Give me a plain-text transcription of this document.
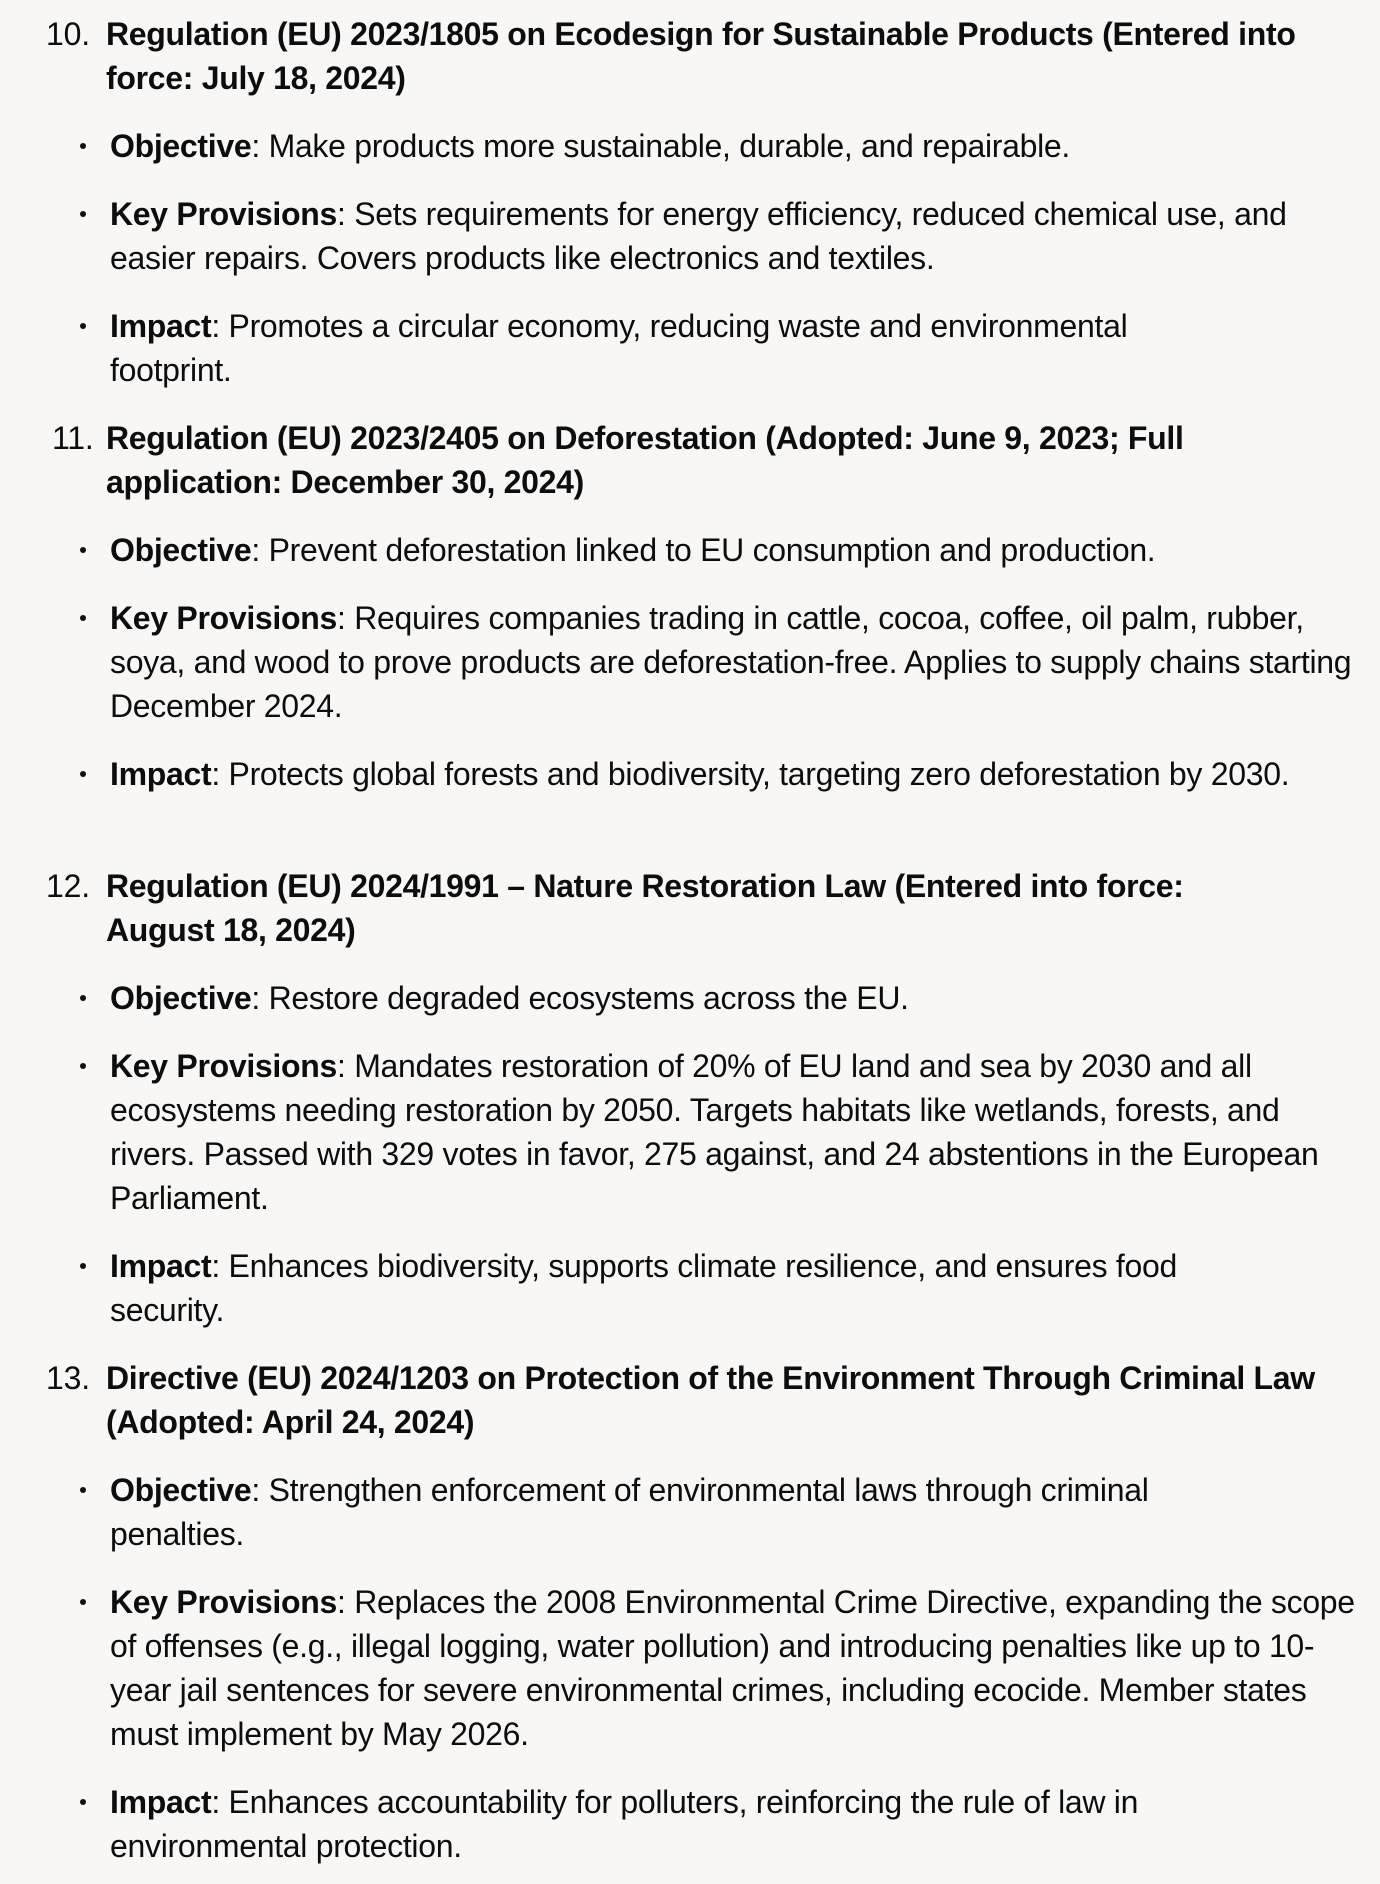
10. Regulation (EU) 2023/1805 on Ecodesign for Sustainable Products (Entered into force: July 18, 2024)
Objective: Make products more sustainable, durable, and repairable.
Key Provisions: Sets requirements for energy efficiency, reduced chemical use, and easier repairs. Covers products like electronics and textiles.
Impact: Promotes a circular economy, reducing waste and environmental footprint.
11. Regulation (EU) 2023/2405 on Deforestation (Adopted: June 9, 2023; Full application: December 30, 2024)
Objective: Prevent deforestation linked to EU consumption and production.
Key Provisions: Requires companies trading in cattle, cocoa, coffee, oil palm, rubber, soya, and wood to prove products are deforestation-free. Applies to supply chains starting December 2024.
Impact: Protects global forests and biodiversity, targeting zero deforestation by 2030.
12. Regulation (EU) 2024/1991 – Nature Restoration Law (Entered into force: August 18, 2024)
Objective: Restore degraded ecosystems across the EU.
Key Provisions: Mandates restoration of 20% of EU land and sea by 2030 and all ecosystems needing restoration by 2050. Targets habitats like wetlands, forests, and rivers. Passed with 329 votes in favor, 275 against, and 24 abstentions in the European Parliament.
Impact: Enhances biodiversity, supports climate resilience, and ensures food security.
13. Directive (EU) 2024/1203 on Protection of the Environment Through Criminal Law (Adopted: April 24, 2024)
Objective: Strengthen enforcement of environmental laws through criminal penalties.
Key Provisions: Replaces the 2008 Environmental Crime Directive, expanding the scope of offenses (e.g., illegal logging, water pollution) and introducing penalties like up to 10-year jail sentences for severe environmental crimes, including ecocide. Member states must implement by May 2026.
Impact: Enhances accountability for polluters, reinforcing the rule of law in environmental protection.
